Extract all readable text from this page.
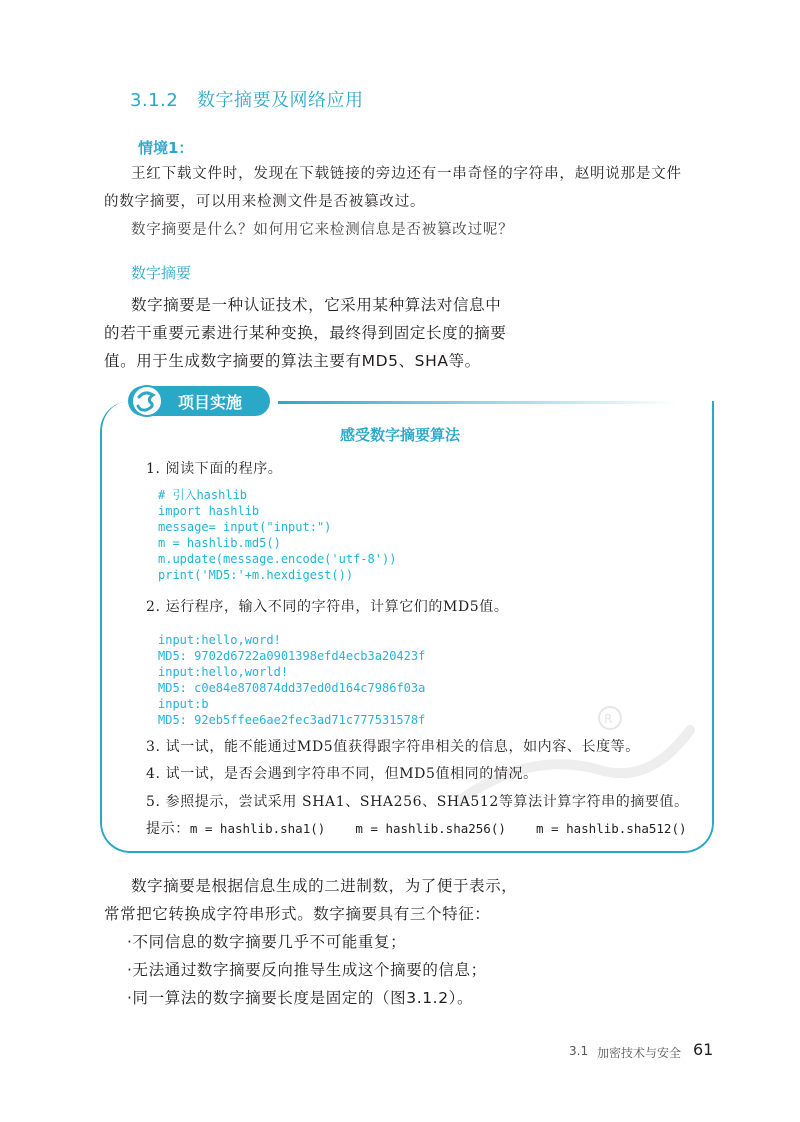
3.1.2 数字摘要及网络应用
情境1：
王红下载文件时，发现在下载链接的旁边还有一串奇怪的字符串，赵明说那是文件
的数字摘要，可以用来检测文件是否被篡改过。
数字摘要是什么？如何用它来检测信息是否被篡改过呢？
数字摘要
数字摘要是一种认证技术，它采用某种算法对信息中
的若干重要元素进行某种变换，最终得到固定长度的摘要
值。用于生成数字摘要的算法主要有MD5、SHA等。
项目实施
感受数字摘要算法
1. 阅读下面的程序。
# 引入hashlib
import hashlib
message= input("input:")
m = hashlib.md5()
m.update(message.encode('utf-8'))
print('MD5:'+m.hexdigest())
2. 运行程序，输入不同的字符串，计算它们的MD5值。
input:hello,word!
MD5: 9702d6722a0901398efd4ecb3a20423f
input:hello,world!
MD5: c0e84e870874dd37ed0d164c7986f03a
input:b
MD5: 92eb5ffee6ae2fec3ad71c777531578f	R
3. 试一试，能不能通过MD5值获得跟字符串相关的信息，如内容、长度等。
4. 试一试，是否会遇到字符串不同，但MD5值相同的情况。
5. 参照提示，尝试采用 SHA1、SHA256、SHA512等算法计算字符串的摘要值。
提示：m = hashlib.sha1()    m = hashlib.sha256()    m = hashlib.sha512()
数字摘要是根据信息生成的二进制数，为了便于表示，
常常把它转换成字符串形式。数字摘要具有三个特征：
·不同信息的数字摘要几乎不可能重复；
·无法通过数字摘要反向推导生成这个摘要的信息；
·同一算法的数字摘要长度是固定的（图3.1.2）。
3.1 加密技术与安全 61
